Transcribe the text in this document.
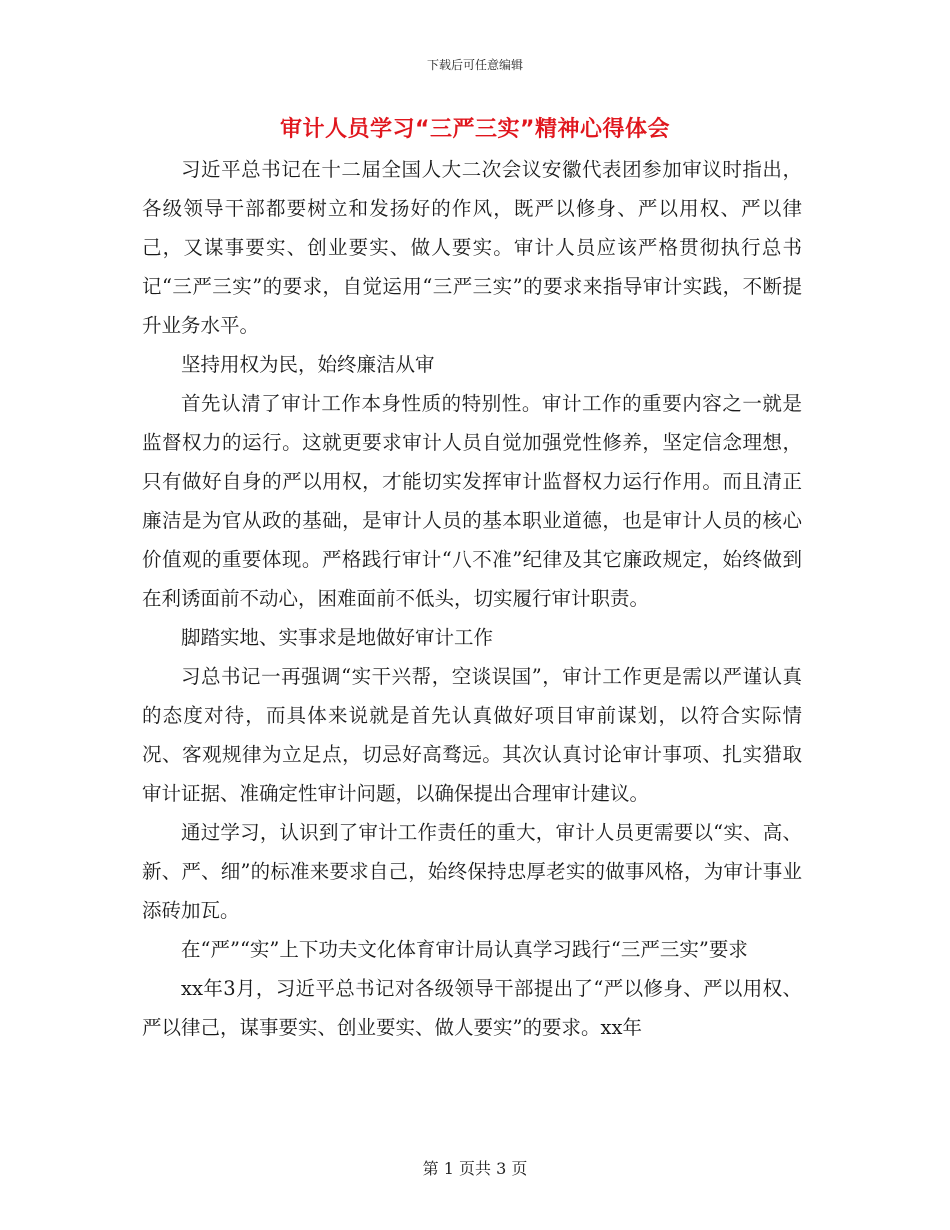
下载后可任意编辑
审计人员学习“三严三实”精神心得体会

习近平总书记在十二届全国人大二次会议安徽代表团参加审议时指出，各级领导干部都要树立和发扬好的作风，既严以修身、严以用权、严以律己，又谋事要实、创业要实、做人要实。审计人员应该严格贯彻执行总书记“三严三实”的要求，自觉运用“三严三实”的要求来指导审计实践，不断提升业务水平。

坚持用权为民，始终廉洁从审

首先认清了审计工作本身性质的特别性。审计工作的重要内容之一就是监督权力的运行。这就更要求审计人员自觉加强党性修养，坚定信念理想，只有做好自身的严以用权，才能切实发挥审计监督权力运行作用。而且清正廉洁是为官从政的基础，是审计人员的基本职业道德，也是审计人员的核心价值观的重要体现。严格践行审计“八不准”纪律及其它廉政规定，始终做到在利诱面前不动心，困难面前不低头，切实履行审计职责。

脚踏实地、实事求是地做好审计工作

习总书记一再强调“实干兴帮，空谈误国”，审计工作更是需以严谨认真的态度对待，而具体来说就是首先认真做好项目审前谋划，以符合实际情况、客观规律为立足点，切忌好高骛远。其次认真讨论审计事项、扎实猎取审计证据、准确定性审计问题，以确保提出合理审计建议。

通过学习，认识到了审计工作责任的重大，审计人员更需要以“实、高、新、严、细”的标准来要求自己，始终保持忠厚老实的做事风格，为审计事业添砖加瓦。

在“严”“实”上下功夫文化体育审计局认真学习践行“三严三实”要求

xx年3月，习近平总书记对各级领导干部提出了“严以修身、严以用权、严以律己，谋事要实、创业要实、做人要实”的要求。xx年

第 1 页共 3 页
